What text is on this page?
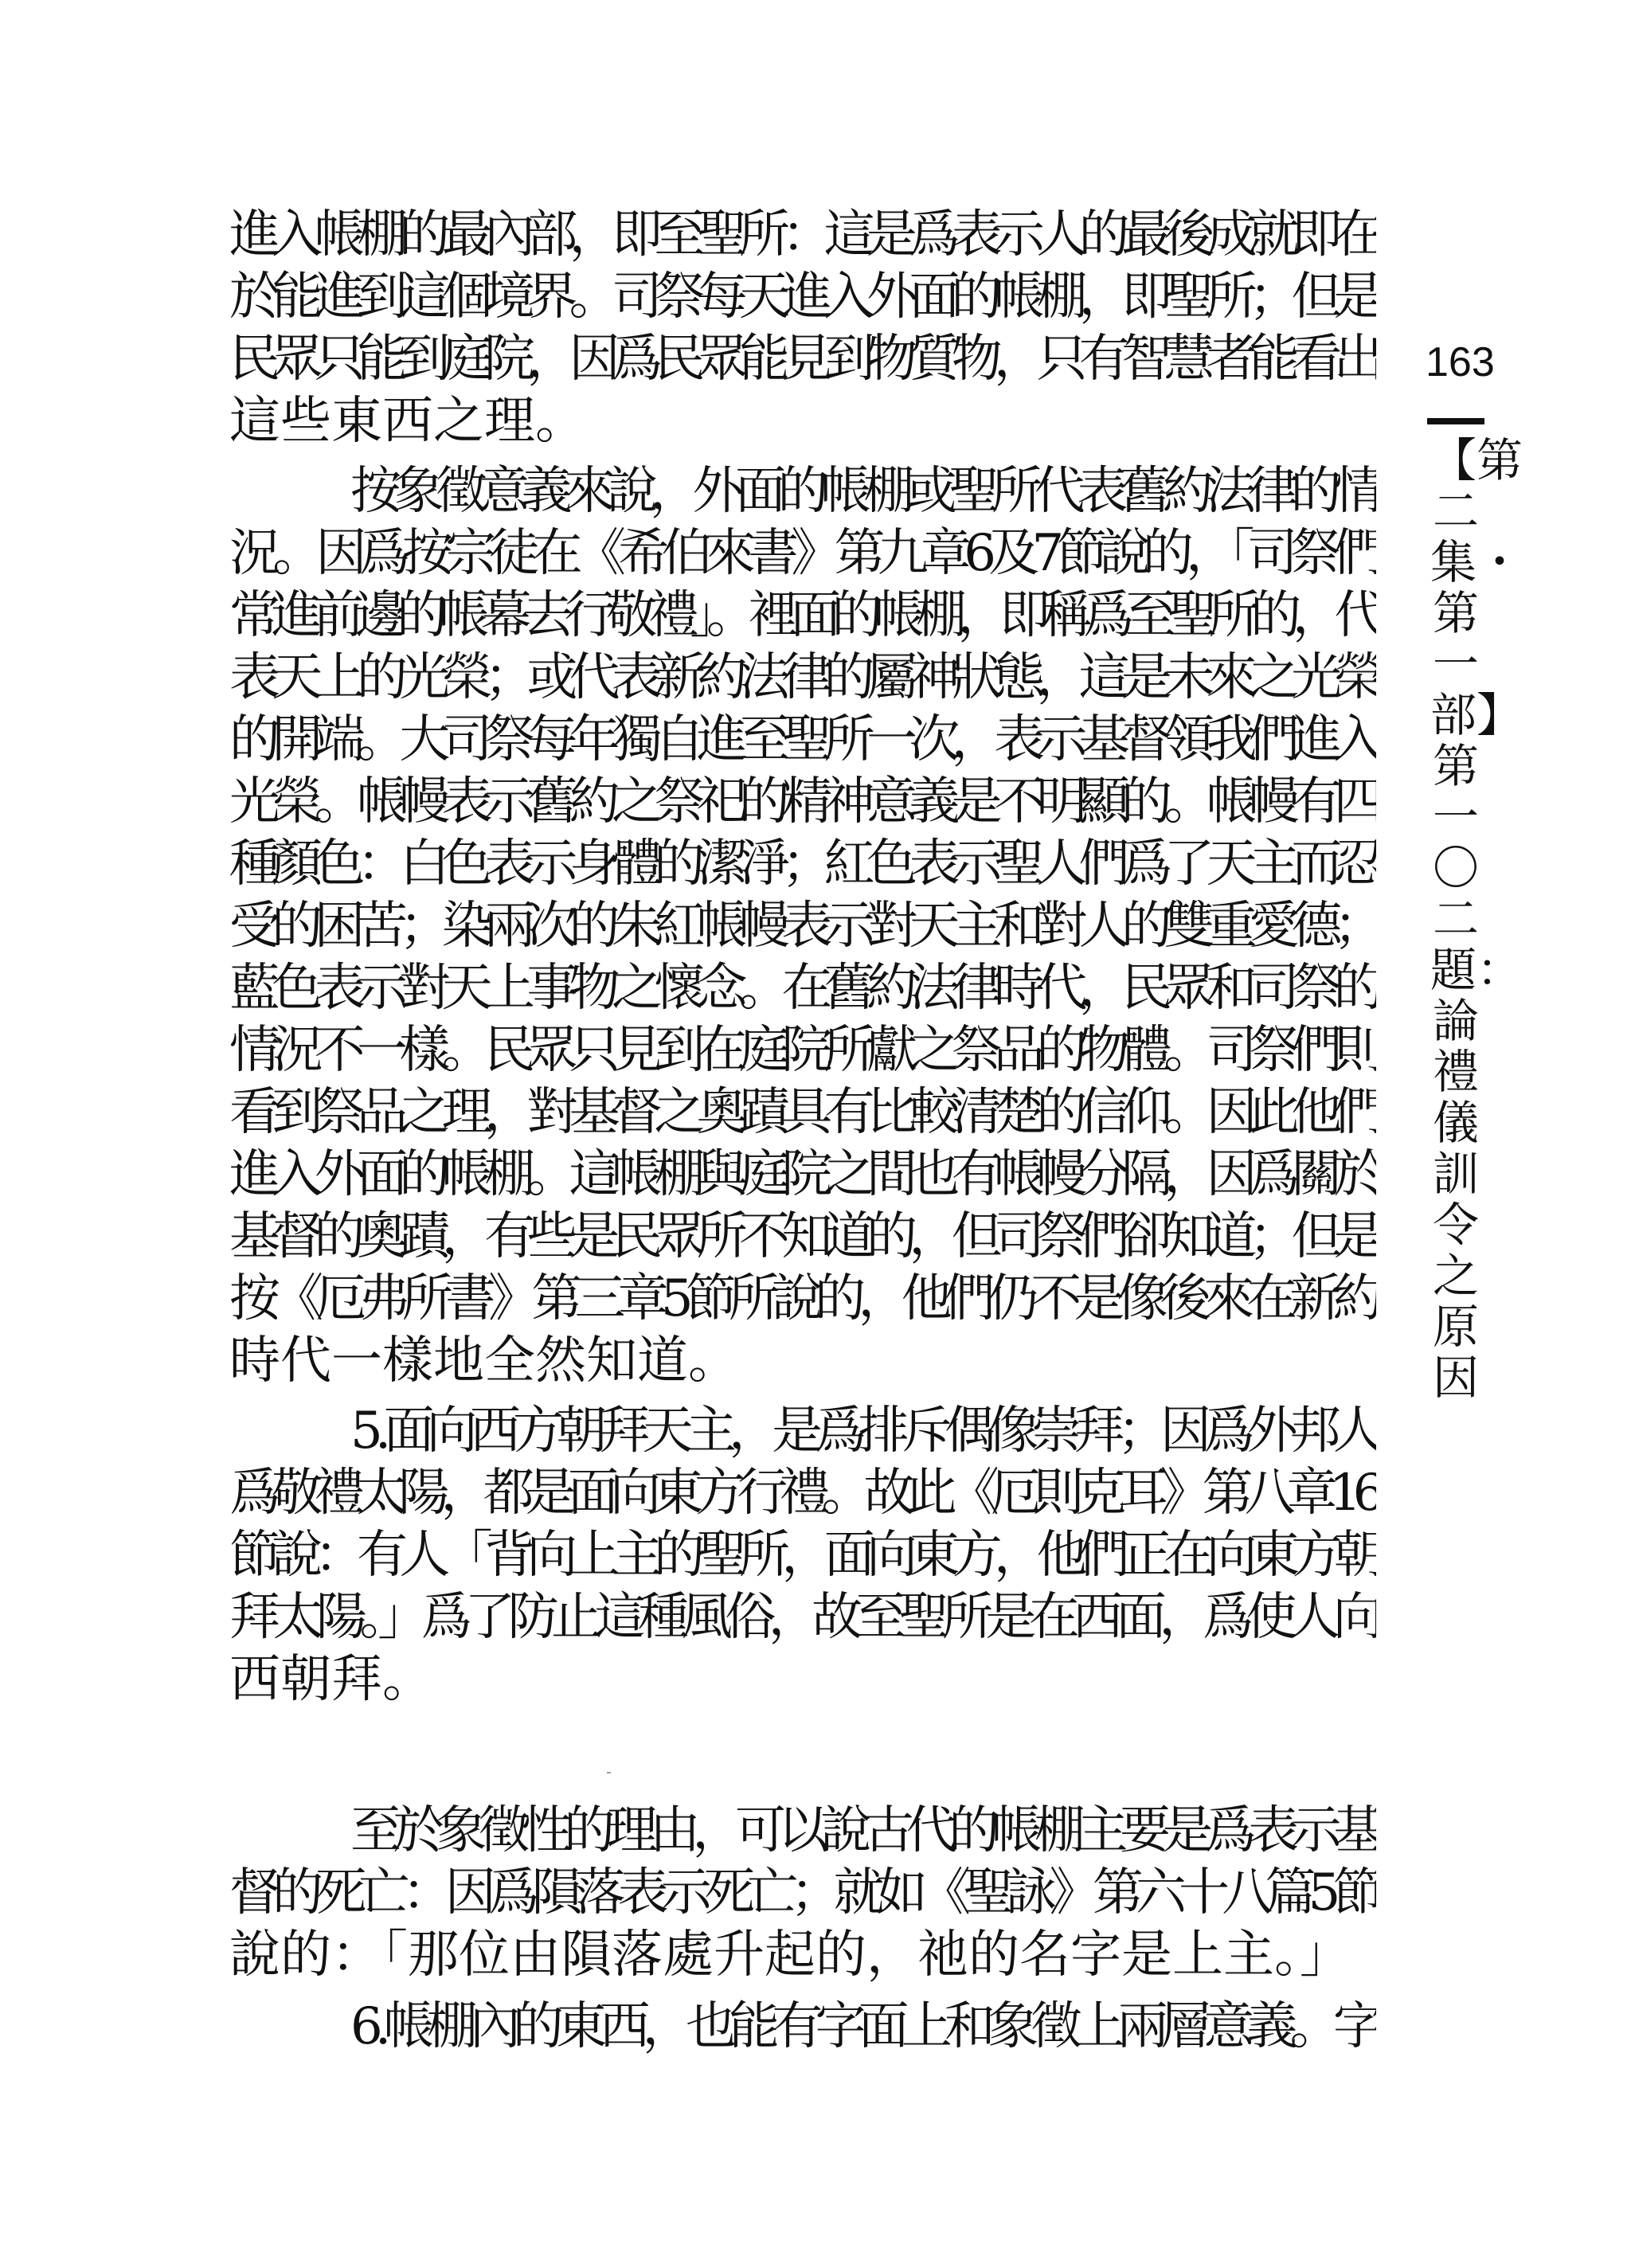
進入帳棚的最內部，即至聖所：這是爲表示人的最後成就即在
於能進到這個境界。司祭每天進入外面的帳棚，即聖所；但是
民眾只能到庭院，因爲民眾能見到物質物，只有智慧者能看出
這些東西之理。
按象徵意義來說，外面的帳棚或聖所代表舊約法律的情
況。因爲按宗徒在《希伯來書》第九章6及7節說的，「司祭們
常進前邊的帳幕去行敬禮」。裡面的帳棚，即稱爲至聖所的，代
表天上的光榮；或代表新約法律的屬神狀態，這是未來之光榮
的開端。大司祭每年獨自進至聖所一次，表示基督領我們進入
光榮。帳幔表示舊約之祭祀的精神意義是不明顯的。帳幔有四
種顏色：白色表示身體的潔淨；紅色表示聖人們爲了天主而忍
受的困苦；染兩次的朱紅帳幔表示對天主和對人的雙重愛德；
藍色表示對天上事物之懷念。在舊約法律時代，民眾和司祭的
情況不一樣。民眾只見到在庭院所獻之祭品的物體。司祭們則
看到祭品之理，對基督之奧蹟具有比較清楚的信仰。因此他們
進入外面的帳棚。這帳棚與庭院之間也有帳幔分隔，因爲關於
基督的奧蹟，有些是民眾所不知道的，但司祭們卻知道；但是
按《厄弗所書》第三章5節所說的，他們仍不是像後來在新約
時代一樣地全然知道。
5.面向西方朝拜天主，是爲排斥偶像崇拜；因爲外邦人
爲敬禮太陽，都是面向東方行禮。故此《厄則克耳》第八章16
節說：有人「背向上主的聖所，面向東方，他們正在向東方朝
拜太陽。」爲了防止這種風俗，故至聖所是在西面，爲使人向
西朝拜。
至於象徵性的理由，可以說古代的帳棚主要是爲表示基
督的死亡：因爲隕落表示死亡；就如《聖詠》第六十八篇5節
說的：「那位由隕落處升起的，祂的名字是上主。」
6.帳棚內的東西，也能有字面上和象徵上兩層意義。字
163
【第二集・第一部】第一〇二題：論禮儀訓令之原因
